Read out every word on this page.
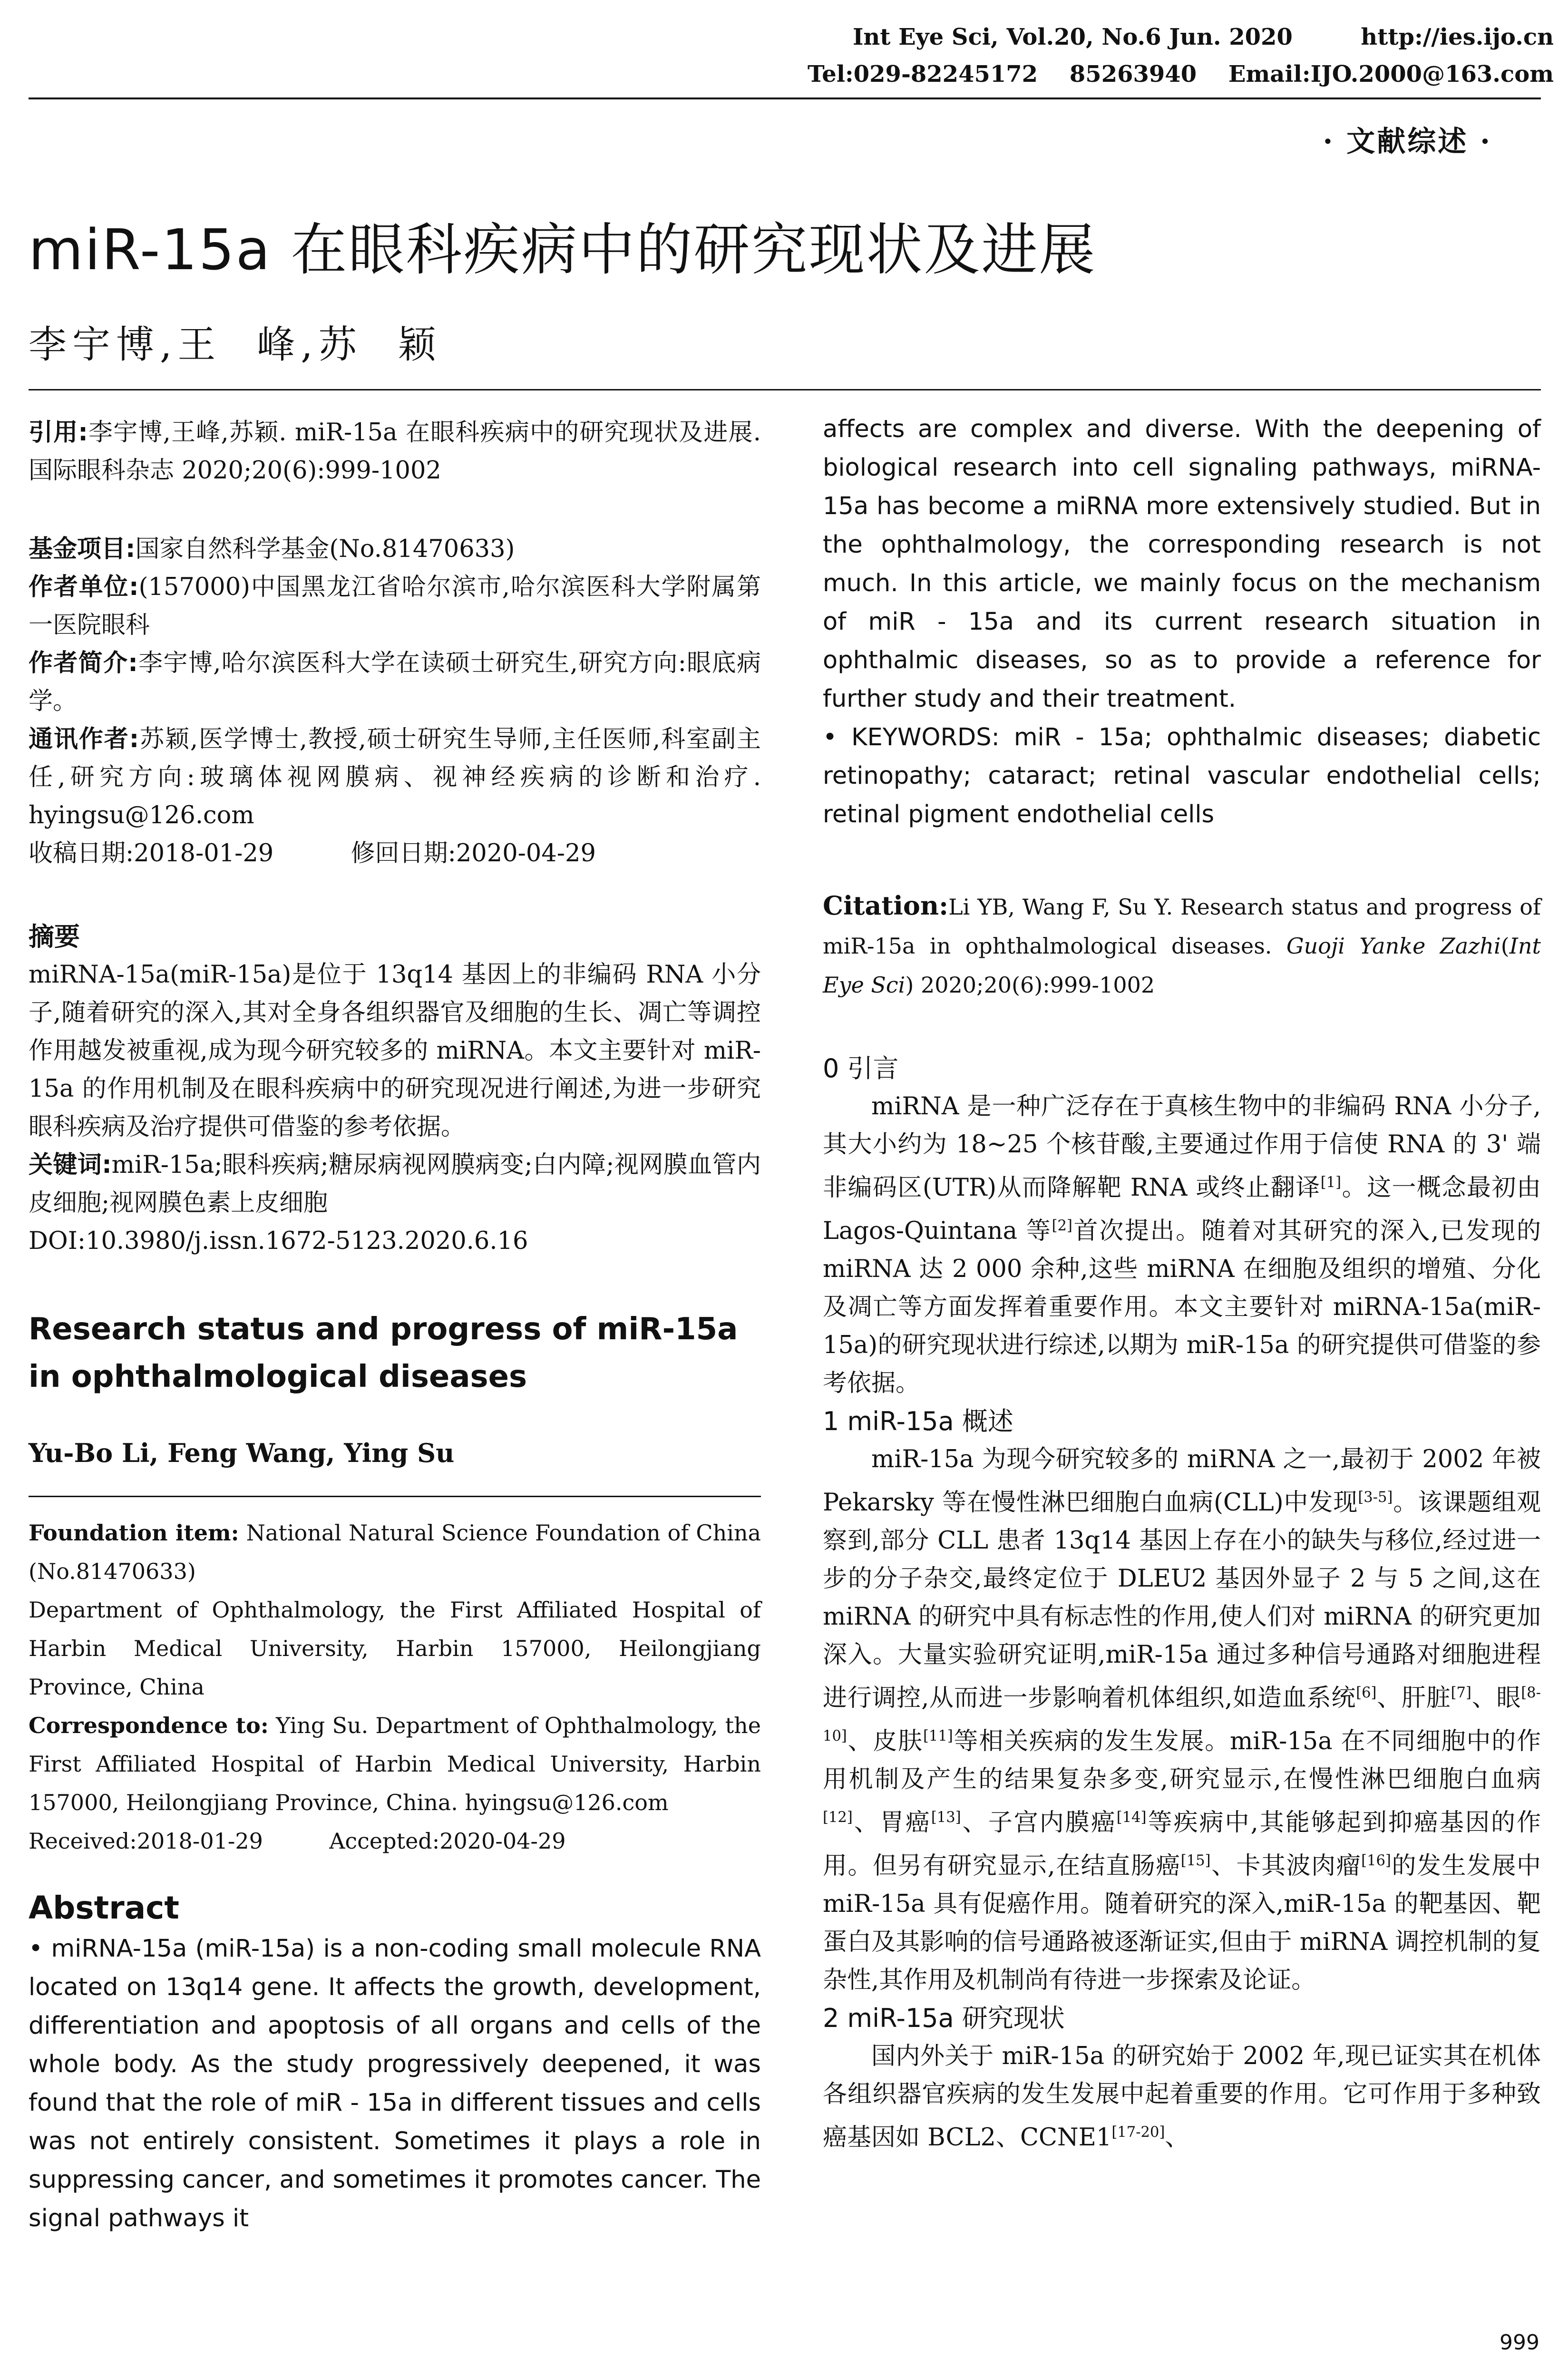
Int Eye Sci, Vol.20, No.6 Jun. 2020	http://ies.ijo.cn
Tel:029-82245172    85263940    Email:IJO.2000@163.com
· 文献综述 ·
miR-15a 在眼科疾病中的研究现状及进展
李宇博,王  峰,苏  颖

引用:李宇博,王峰,苏颖. miR-15a 在眼科疾病中的研究现状及进展. 国际眼科杂志 2020;20(6):999-1002

基金项目:国家自然科学基金(No.81470633)

作者单位:(157000)中国黑龙江省哈尔滨市,哈尔滨医科大学附属第一医院眼科

作者简介:李宇博,哈尔滨医科大学在读硕士研究生,研究方向:眼底病学。

通讯作者:苏颖,医学博士,教授,硕士研究生导师,主任医师,科室副主任,研究方向:玻璃体视网膜病、视神经疾病的诊断和治疗. hyingsu@126.com

收稿日期:2018-01-29	修回日期:2020-04-29

摘要

miRNA-15a(miR-15a)是位于 13q14 基因上的非编码 RNA 小分子,随着研究的深入,其对全身各组织器官及细胞的生长、凋亡等调控作用越发被重视,成为现今研究较多的 miRNA。本文主要针对 miR-15a 的作用机制及在眼科疾病中的研究现况进行阐述,为进一步研究眼科疾病及治疗提供可借鉴的参考依据。

关键词:miR-15a;眼科疾病;糖尿病视网膜病变;白内障;视网膜血管内皮细胞;视网膜色素上皮细胞

DOI:10.3980/j.issn.1672-5123.2020.6.16

Research status and progress of miR-15a in ophthalmological diseases

Yu-Bo Li, Feng Wang, Ying Su

Foundation item: National Natural Science Foundation of China (No.81470633)

Department of Ophthalmology, the First Affiliated Hospital of Harbin Medical University, Harbin 157000, Heilongjiang Province, China

Correspondence to: Ying Su. Department of Ophthalmology, the First Affiliated Hospital of Harbin Medical University, Harbin 157000, Heilongjiang Province, China. hyingsu@126.com

Received:2018-01-29	Accepted:2020-04-29

Abstract

• miRNA-15a (miR-15a) is a non-coding small molecule RNA located on 13q14 gene. It affects the growth, development, differentiation and apoptosis of all organs and cells of the whole body. As the study progressively deepened, it was found that the role of miR - 15a in different tissues and cells was not entirely consistent. Sometimes it plays a role in suppressing cancer, and sometimes it promotes cancer. The signal pathways it

affects are complex and diverse. With the deepening of biological research into cell signaling pathways, miRNA-15a has become a miRNA more extensively studied. But in the ophthalmology, the corresponding research is not much. In this article, we mainly focus on the mechanism of miR - 15a and its current research situation in ophthalmic diseases, so as to provide a reference for further study and their treatment.

• KEYWORDS: miR - 15a; ophthalmic diseases; diabetic retinopathy; cataract; retinal vascular endothelial cells; retinal pigment endothelial cells

Citation:Li YB, Wang F, Su Y. Research status and progress of miR-15a in ophthalmological diseases. Guoji Yanke Zazhi(Int Eye Sci) 2020;20(6):999-1002

0 引言

miRNA 是一种广泛存在于真核生物中的非编码 RNA 小分子,其大小约为 18~25 个核苷酸,主要通过作用于信使 RNA 的 3' 端非编码区(UTR)从而降解靶 RNA 或终止翻译[1]。这一概念最初由 Lagos-Quintana 等[2]首次提出。随着对其研究的深入,已发现的 miRNA 达 2 000 余种,这些 miRNA 在细胞及组织的增殖、分化及凋亡等方面发挥着重要作用。本文主要针对 miRNA-15a(miR-15a)的研究现状进行综述,以期为 miR-15a 的研究提供可借鉴的参考依据。

1 miR-15a 概述

miR-15a 为现今研究较多的 miRNA 之一,最初于 2002 年被 Pekarsky 等在慢性淋巴细胞白血病(CLL)中发现[3-5]。该课题组观察到,部分 CLL 患者 13q14 基因上存在小的缺失与移位,经过进一步的分子杂交,最终定位于 DLEU2 基因外显子 2 与 5 之间,这在 miRNA 的研究中具有标志性的作用,使人们对 miRNA 的研究更加深入。大量实验研究证明,miR-15a 通过多种信号通路对细胞进程进行调控,从而进一步影响着机体组织,如造血系统[6]、肝脏[7]、眼[8-10]、皮肤[11]等相关疾病的发生发展。miR-15a 在不同细胞中的作用机制及产生的结果复杂多变,研究显示,在慢性淋巴细胞白血病[12]、胃癌[13]、子宫内膜癌[14]等疾病中,其能够起到抑癌基因的作用。但另有研究显示,在结直肠癌[15]、卡其波肉瘤[16]的发生发展中 miR-15a 具有促癌作用。随着研究的深入,miR-15a 的靶基因、靶蛋白及其影响的信号通路被逐渐证实,但由于 miRNA 调控机制的复杂性,其作用及机制尚有待进一步探索及论证。

2 miR-15a 研究现状

国内外关于 miR-15a 的研究始于 2002 年,现已证实其在机体各组织器官疾病的发生发展中起着重要的作用。它可作用于多种致癌基因如 BCL2、CCNE1[17-20]、

999
